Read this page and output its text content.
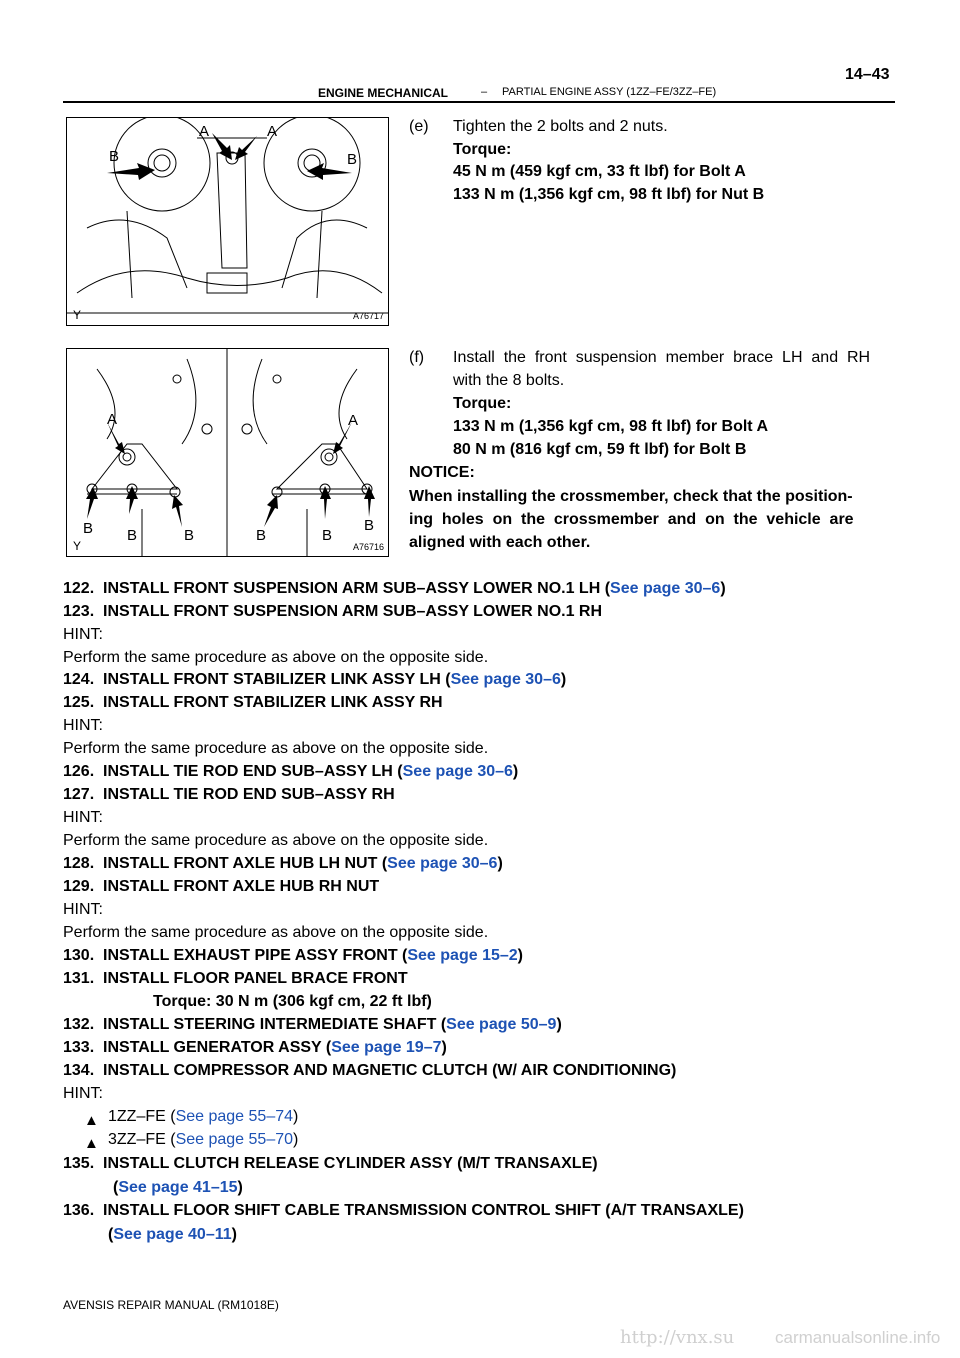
ENGINE MECHANICAL	– PARTIAL ENGINE ASSY (1ZZ–FE/3ZZ–FE)
14–43
A	A
B	B
Y	A76717
(e) Tighten the 2 bolts and 2 nuts.
Torque:
45 N m (459 kgf cm, 33 ft lbf) for Bolt A
133 N m (1,356 kgf cm, 98 ft lbf) for Nut B
A	A
B B	B	B	B
B
Y	A76716
(f) Install  the  front  suspension  member  brace  LH  and  RH
with the 8 bolts.
Torque:
133 N m (1,356 kgf cm, 98 ft lbf) for Bolt A
80 N m (816 kgf cm, 59 ft lbf) for Bolt B
NOTICE:
When installing the crossmember, check that the position-
ing  holes  on  the  crossmember  and  on  the  vehicle  are
aligned with each other.
122. INSTALL FRONT SUSPENSION ARM SUB–ASSY LOWER NO.1 LH (See page 30–6)
123. INSTALL FRONT SUSPENSION ARM SUB–ASSY LOWER NO.1 RH
HINT:
Perform the same procedure as above on the opposite side.
124. INSTALL FRONT STABILIZER LINK ASSY LH (See page 30–6)
125. INSTALL FRONT STABILIZER LINK ASSY RH
HINT:
Perform the same procedure as above on the opposite side.
126. INSTALL TIE ROD END SUB–ASSY LH (See page 30–6)
127. INSTALL TIE ROD END SUB–ASSY RH
HINT:
Perform the same procedure as above on the opposite side.
128. INSTALL FRONT AXLE HUB LH NUT (See page 30–6)
129. INSTALL FRONT AXLE HUB RH NUT
HINT:
Perform the same procedure as above on the opposite side.
130. INSTALL EXHAUST PIPE ASSY FRONT (See page 15–2)
131. INSTALL FLOOR PANEL BRACE FRONT
Torque: 30 N m (306 kgf cm, 22 ft lbf)
132. INSTALL STEERING INTERMEDIATE SHAFT (See page 50–9)
133. INSTALL GENERATOR ASSY (See page 19–7)
134. INSTALL COMPRESSOR AND MAGNETIC CLUTCH (W/ AIR CONDITIONING)
HINT:
▲ 1ZZ–FE (See page 55–74)
▲ 3ZZ–FE (See page 55–70)
135. INSTALL CLUTCH RELEASE CYLINDER ASSY (M/T TRANSAXLE)
(See page 41–15)
136. INSTALL FLOOR SHIFT CABLE TRANSMISSION CONTROL SHIFT (A/T TRANSAXLE)
(See page 40–11)
AVENSIS REPAIR MANUAL (RM1018E)
http://vnx.su carmanualsonline.info
